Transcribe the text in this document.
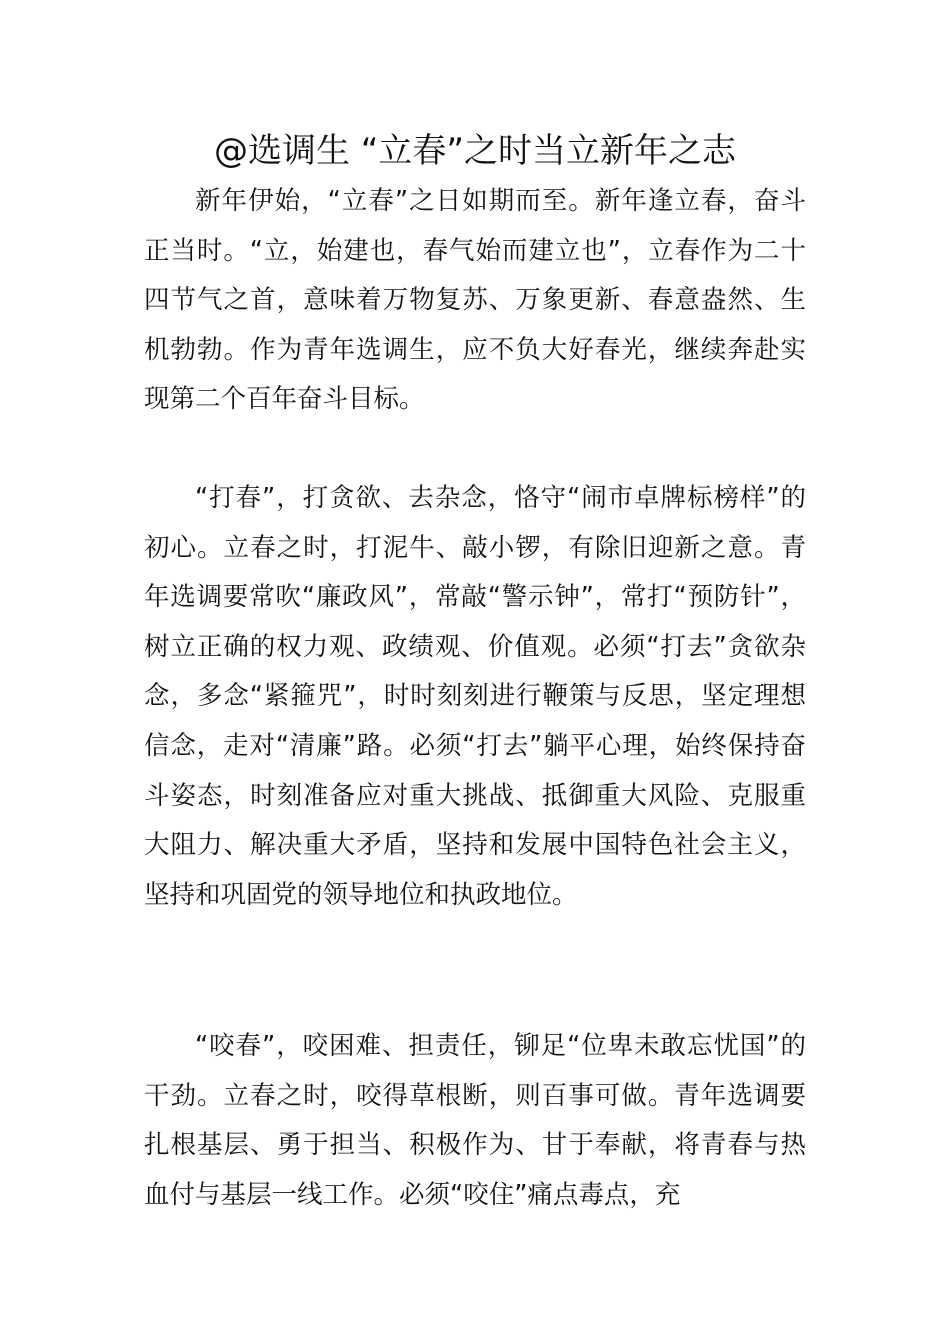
@选调生 “立春”之时当立新年之志

新年伊始，“立春”之日如期而至。新年逢立春，奋斗正当时。“立，始建也，春气始而建立也”，立春作为二十四节气之首，意味着万物复苏、万象更新、春意盎然、生机勃勃。作为青年选调生，应不负大好春光，继续奔赴实现第二个百年奋斗目标。

“打春”，打贪欲、去杂念，恪守“闹市卓牌标榜样”的初心。立春之时，打泥牛、敲小锣，有除旧迎新之意。青年选调要常吹“廉政风”，常敲“警示钟”，常打“预防针”，树立正确的权力观、政绩观、价值观。必须“打去”贪欲杂念，多念“紧箍咒”，时时刻刻进行鞭策与反思，坚定理想信念，走对“清廉”路。必须“打去”躺平心理，始终保持奋斗姿态，时刻准备应对重大挑战、抵御重大风险、克服重大阻力、解决重大矛盾，坚持和发展中国特色社会主义，坚持和巩固党的领导地位和执政地位。

“咬春”，咬困难、担责任，铆足“位卑未敢忘忧国”的干劲。立春之时，咬得草根断，则百事可做。青年选调要扎根基层、勇于担当、积极作为、甘于奉献，将青春与热血付与基层一线工作。必须“咬住”痛点毒点，充
